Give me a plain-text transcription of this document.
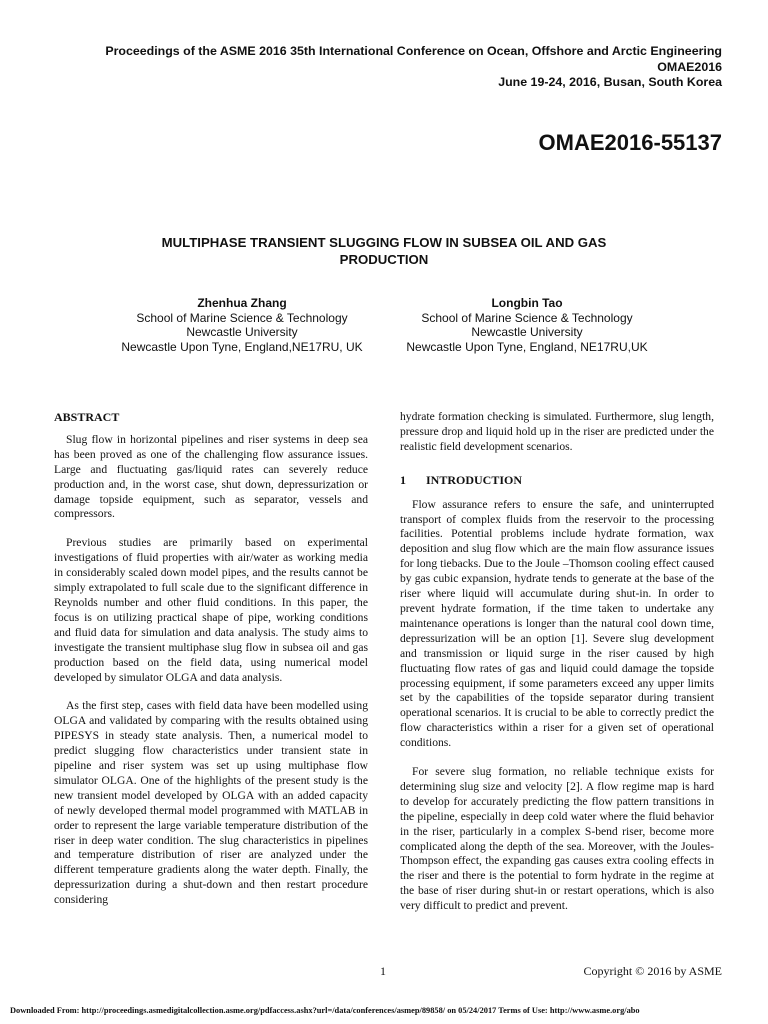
Proceedings of the ASME 2016 35th International Conference on Ocean, Offshore and Arctic Engineering
OMAE2016
June 19-24, 2016, Busan, South Korea
OMAE2016-55137
MULTIPHASE TRANSIENT SLUGGING FLOW IN SUBSEA OIL AND GAS
PRODUCTION
Zhenhua Zhang
School of Marine Science & Technology
Newcastle University
Newcastle Upon Tyne, England,NE17RU, UK
Longbin Tao
School of Marine Science & Technology
Newcastle University
Newcastle Upon Tyne, England, NE17RU,UK
ABSTRACT

Slug flow in horizontal pipelines and riser systems in deep sea has been proved as one of the challenging flow assurance issues. Large and fluctuating gas/liquid rates can severely reduce production and, in the worst case, shut down, depressurization or damage topside equipment, such as separator, vessels and compressors.

Previous studies are primarily based on experimental investigations of fluid properties with air/water as working media in considerably scaled down model pipes, and the results cannot be simply extrapolated to full scale due to the significant difference in Reynolds number and other fluid conditions. In this paper, the focus is on utilizing practical shape of pipe, working conditions and fluid data for simulation and data analysis. The study aims to investigate the transient multiphase slug flow in subsea oil and gas production based on the field data, using numerical model developed by simulator OLGA and data analysis.

As the first step, cases with field data have been modelled using OLGA and validated by comparing with the results obtained using PIPESYS in steady state analysis. Then, a numerical model to predict slugging flow characteristics under transient state in pipeline and riser system was set up using multiphase flow simulator OLGA. One of the highlights of the present study is the new transient model developed by OLGA with an added capacity of newly developed thermal model programmed with MATLAB in order to represent the large variable temperature distribution of the riser in deep water condition. The slug characteristics in pipelines and temperature distribution of riser are analyzed under the different temperature gradients along the water depth. Finally, the depressurization during a shut-down and then restart procedure considering

hydrate formation checking is simulated. Furthermore, slug length, pressure drop and liquid hold up in the riser are predicted under the realistic field development scenarios.

1 INTRODUCTION

Flow assurance refers to ensure the safe, and uninterrupted transport of complex fluids from the reservoir to the processing facilities. Potential problems include hydrate formation, wax deposition and slug flow which are the main flow assurance issues for long tiebacks. Due to the Joule –Thomson cooling effect caused by gas cubic expansion, hydrate tends to generate at the base of the riser where liquid will accumulate during shut-in. In order to prevent hydrate formation, if the time taken to undertake any maintenance operations is longer than the natural cool down time, depressurization will be an option [1]. Severe slug development and transmission or liquid surge in the riser caused by high fluctuating flow rates of gas and liquid could damage the topside processing equipment, if some parameters exceed any upper limits set by the capabilities of the topside separator during transient operational scenarios. It is crucial to be able to correctly predict the flow characteristics within a riser for a given set of operational conditions.

For severe slug formation, no reliable technique exists for determining slug size and velocity [2]. A flow regime map is hard to develop for accurately predicting the flow pattern transitions in the pipeline, especially in deep cold water where the fluid behavior in the riser, particularly in a complex S-bend riser, become more complicated along the depth of the sea. Moreover, with the Joules-Thompson effect, the expanding gas causes extra cooling effects in the riser and there is the potential to form hydrate in the regime at the base of riser during shut-in or restart operations, which is also very difficult to predict and prevent.

1	Copyright © 2016 by ASME
Downloaded From: http://proceedings.asmedigitalcollection.asme.org/pdfaccess.ashx?url=/data/conferences/asmep/89858/ on 05/24/2017 Terms of Use: http://www.asme.org/abo
